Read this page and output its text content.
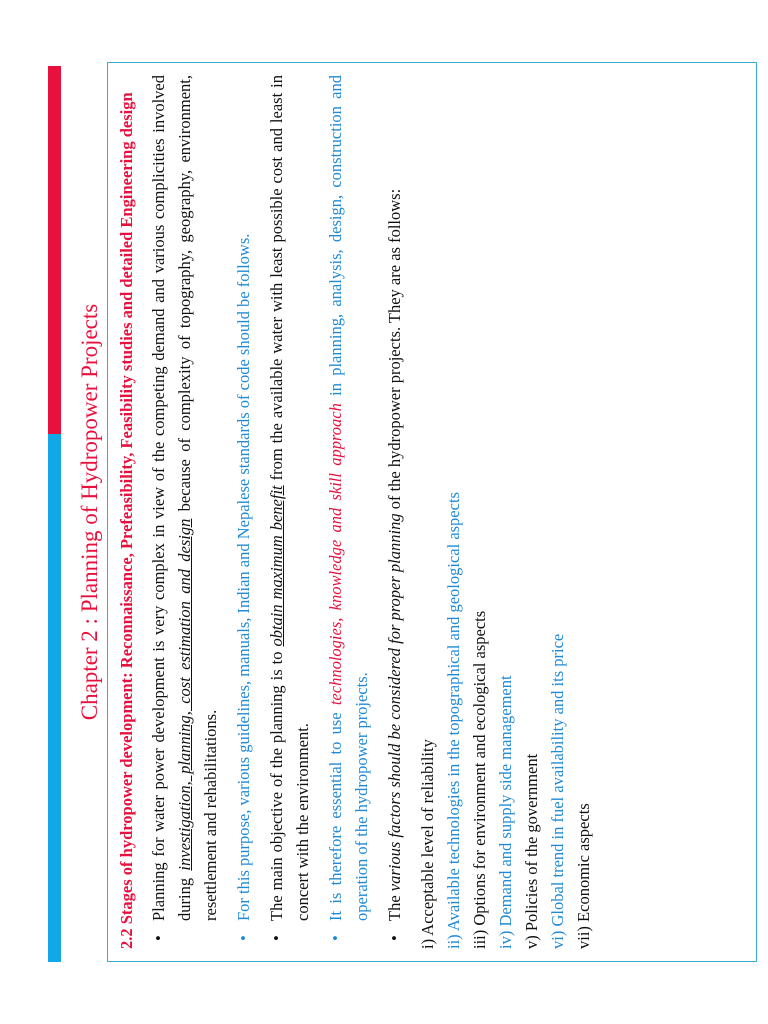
Chapter 2 : Planning of Hydropower Projects 2.2 Stages of hydropower development: Reconnaissance, Prefeasibility, Feasibility studies and detailed Engineering design • Planning for water power development is very complex in view of the competing demand and various complicities involved during investigation, planning, cost estimation and design because of complexity of topography, geography, environment, resettlement and rehabilitations. • For this purpose, various guidelines, manuals, Indian and Nepalese standards of code should be follows.
• The main objective of the planning is to obtain maximum benefit from the available water with least possible cost and least in concert with the environment. • It is therefore essential to use technologies, knowledge and skill approach in planning, analysis, design, construction and operation of the hydropower projects. • The various factors should be considered for proper planning of the hydropower projects. They are as follows:

i) Acceptable level of reliability ii) Available technologies in the topographical and geological aspects iii) Options for environment and ecological aspects iv) Demand and supply side management v) Policies of the government vi) Global trend in fuel availability and its price vii) Economic aspects
